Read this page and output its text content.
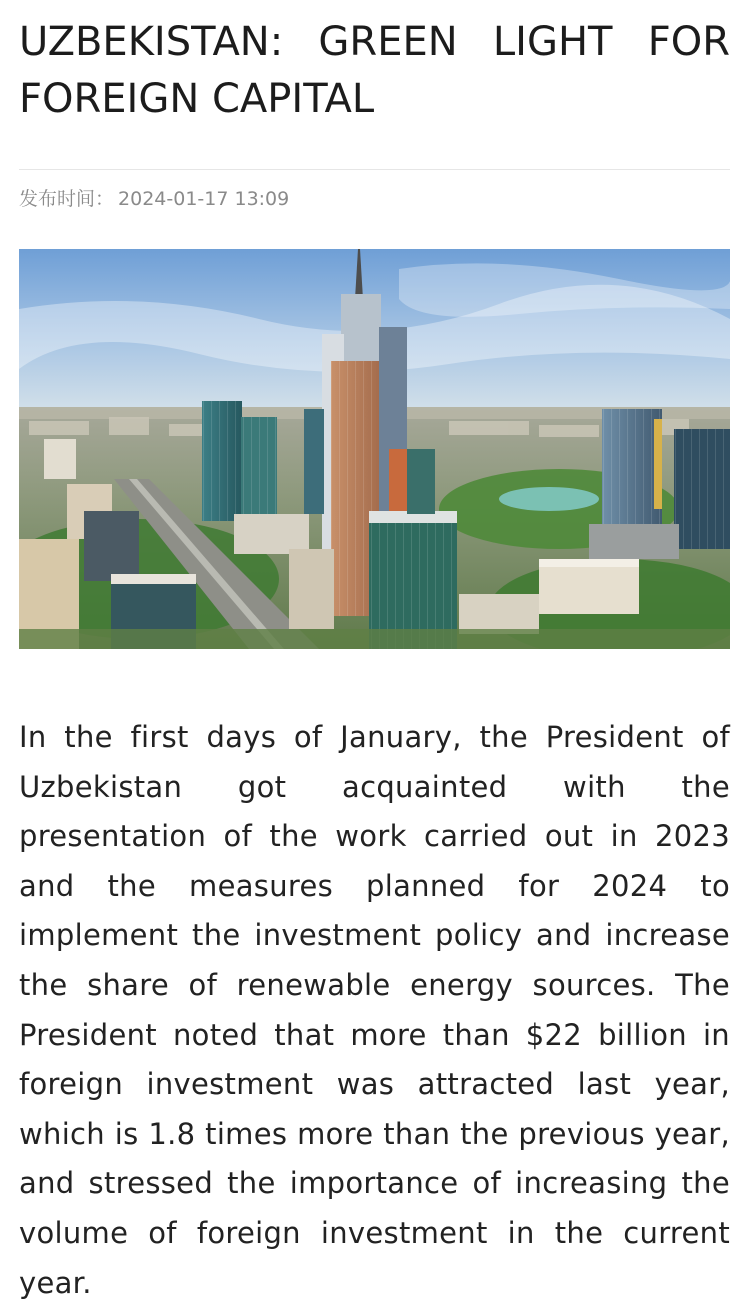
UZBEKISTAN: GREEN LIGHT FOR FOREIGN CAPITAL
发布时间： 2024-01-17 13:09

In the first days of January, the President of Uzbekistan got acquainted with the presentation of the work carried out in 2023 and the measures planned for 2024 to implement the investment policy and increase the share of renewable energy sources. The President noted that more than $22 billion in foreign investment was attracted last year, which is 1.8 times more than the previous year, and stressed the importance of increasing the volume of foreign investment in the current year.
